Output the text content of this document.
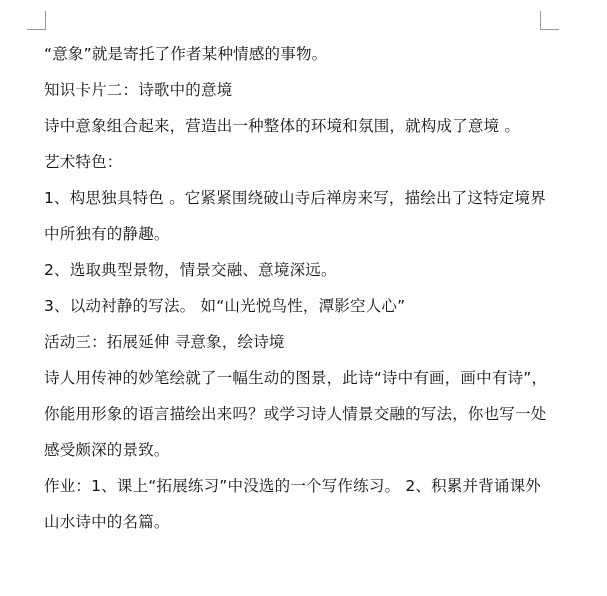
“意象”就是寄托了作者某种情感的事物。

知识卡片二：诗歌中的意境

诗中意象组合起来，营造出一种整体的环境和氛围，就构成了意境 。

艺术特色：

1、构思独具特色 。它紧紧围绕破山寺后禅房来写，描绘出了这特定境界中所独有的静趣。

2、选取典型景物，情景交融、意境深远。

3、以动衬静的写法。 如“山光悦鸟性，潭影空人心”

活动三：拓展延伸 寻意象，绘诗境

诗人用传神的妙笔绘就了一幅生动的图景，此诗“诗中有画，画中有诗”，你能用形象的语言描绘出来吗？或学习诗人情景交融的写法，你也写一处感受颇深的景致。

作业：1、课上“拓展练习”中没选的一个写作练习。 2、积累并背诵课外山水诗中的名篇。
